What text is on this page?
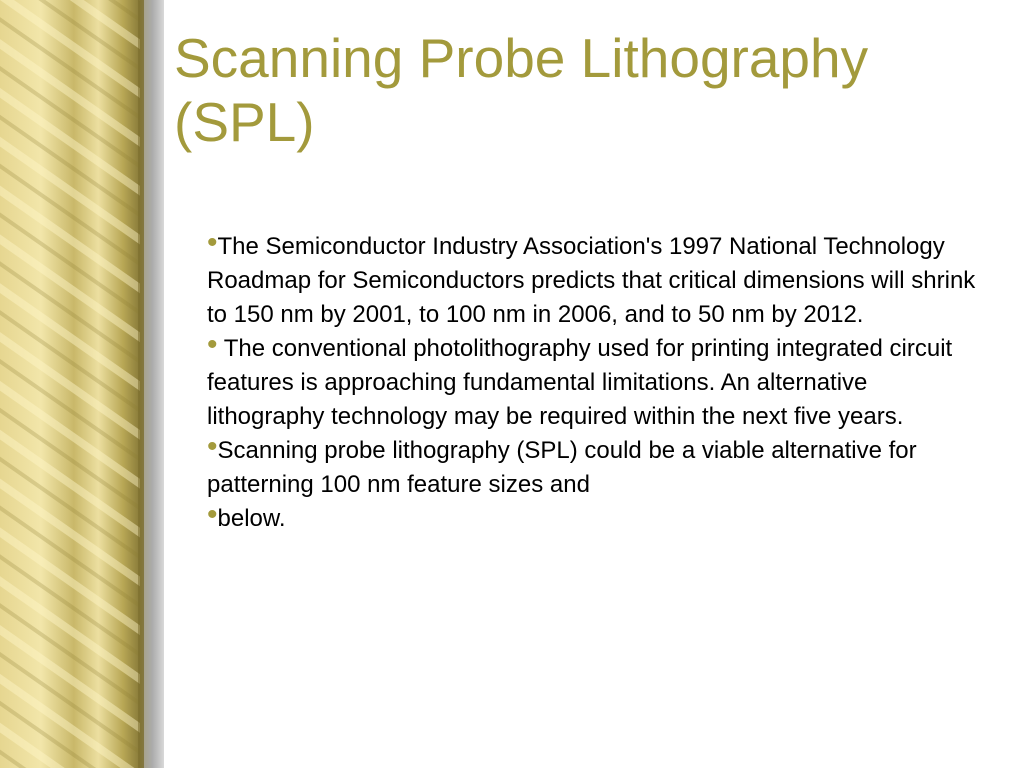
Scanning Probe Lithography
(SPL)
•The Semiconductor Industry Association's 1997 National Technology Roadmap for Semiconductors predicts that critical dimensions will shrink to 150 nm by 2001, to 100 nm in 2006, and to 50 nm by 2012.
• The conventional photolithography used for printing integrated circuit features is approaching fundamental limitations. An alternative lithography technology may be required within the next five years.
•Scanning probe lithography (SPL) could be a viable alternative for patterning 100 nm feature sizes and
•below.
